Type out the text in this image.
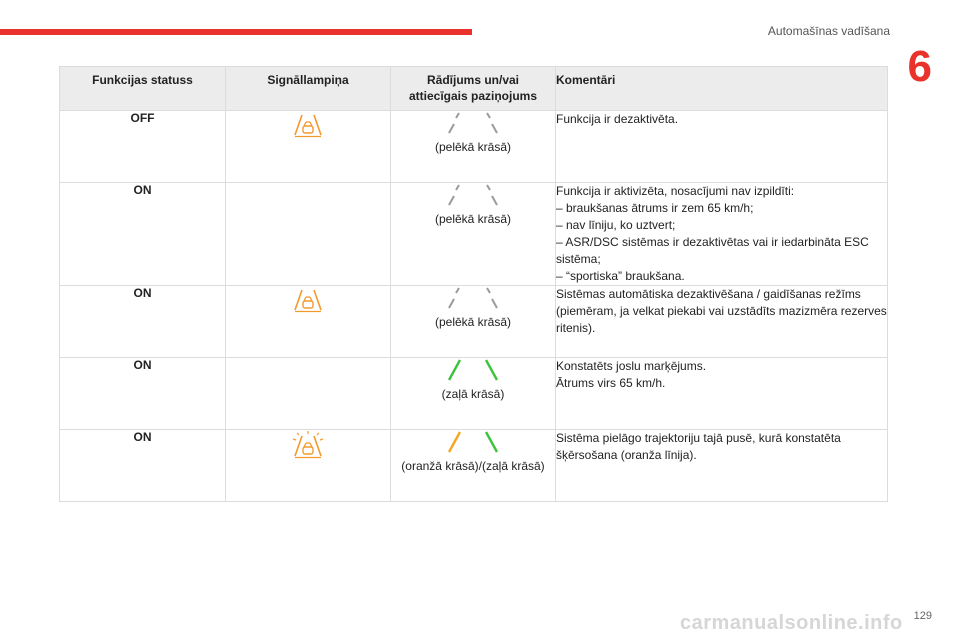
Automašīnas vadīšana
6
Funkcijas statuss	Signāllampiņa	Rādījums un/vai
attiecīgais paziņojums	Komentāri
OFF		(pelēkā krāsā)	Funkcija ir dezaktivēta.

ON		(pelēkā krāsā)	Funkcija ir aktivizēta, nosacījumi nav izpildīti:
– braukšanas ātrums ir zem 65 km/h;
– nav līniju, ko uztvert;
– ASR/DSC sistēmas ir dezaktivētas vai ir iedarbināta ESC sistēma;
– “sportiska” braukšana.

ON		(pelēkā krāsā)	Sistēmas automātiska dezaktivēšana / gaidīšanas režīms (piemēram, ja velkat piekabi vai uzstādīts mazizmēra rezerves ritenis).

ON		(zaļā krāsā)	Konstatēts joslu marķējums.
Ātrums virs 65 km/h.

ON		(oranžā krāsā)/(zaļā krāsā)	Sistēma pielāgo trajektoriju tajā pusē, kurā konstatēta šķērsošana (oranža līnija).
129
carmanualsonline.info
